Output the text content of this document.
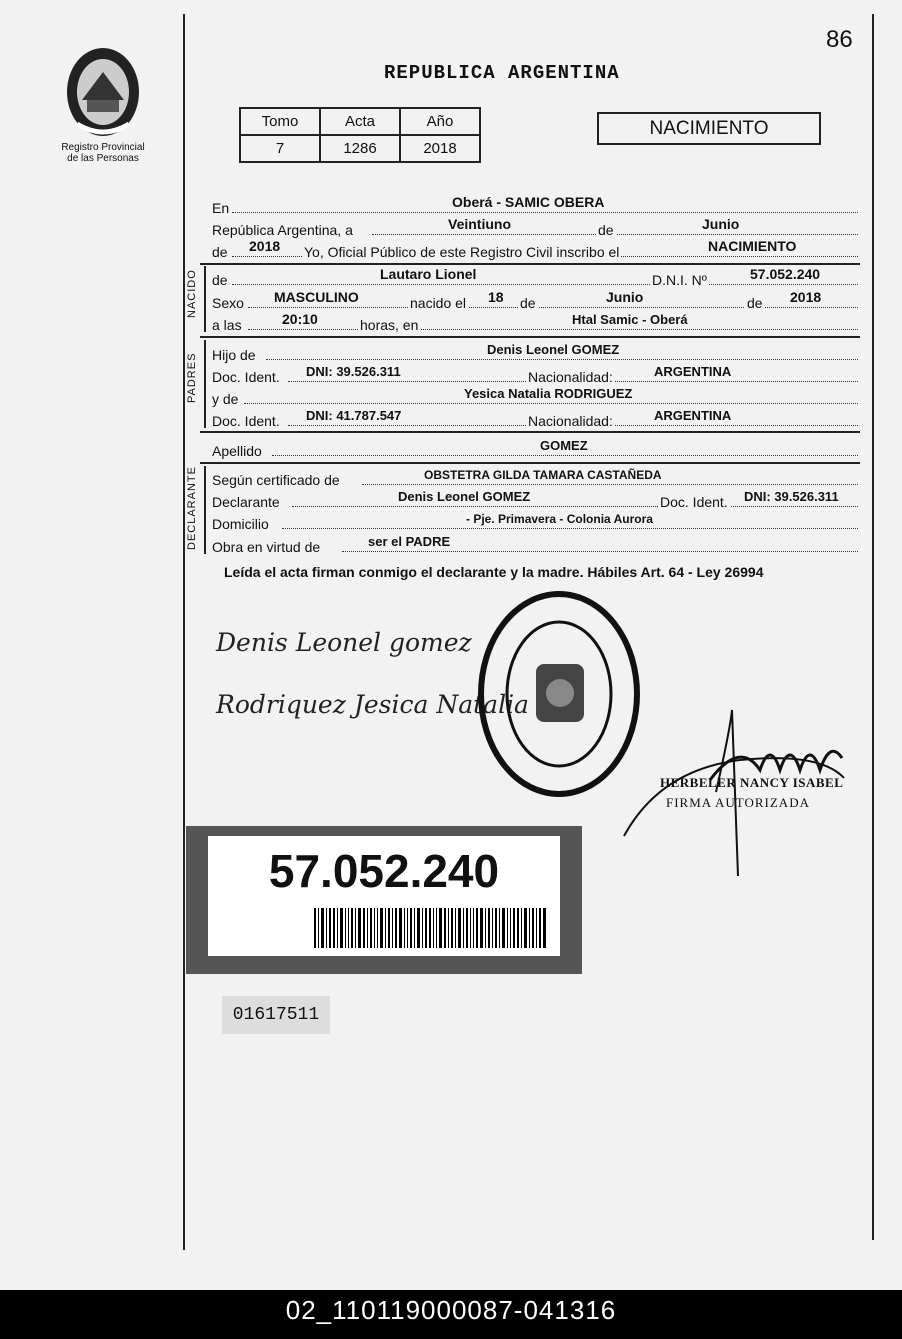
86
REPUBLICA ARGENTINA
Registro Provincial
de las Personas
Tomo	Acta	Año
7	1286	2018
NACIMIENTO
En	Oberá - SAMIC OBERA
República Argentina, a	Veintiuno	de	Junio
de 2018 Yo, Oficial Público de este Registro Civil inscribo el	NACIMIENTO
NACIDO de	Lautaro Lionel	D.N.I. Nº	57.052.240
Sexo MASCULINO	nacido el 18 de	Junio	de 2018
a las	20:10	horas, en	Htal Samic - Oberá
PADRES Hijo de	Denis Leonel GOMEZ
Doc. Ident. DNI: 39.526.311	Nacionalidad:	ARGENTINA
y de	Yesica Natalia RODRIGUEZ
Doc. Ident. DNI: 41.787.547	Nacionalidad:	ARGENTINA
Apellido	GOMEZ
DECLARANTE Según certificado de	OBSTETRA GILDA TAMARA CASTAÑEDA
Declarante	Denis Leonel GOMEZ	Doc. Ident. DNI: 39.526.311
Domicilio	- Pje. Primavera - Colonia Aurora
Obra en virtud de	ser el PADRE
Leída el acta firman conmigo el declarante y la madre. Hábiles Art. 64 - Ley 26994
Denis Leonel gomez
Rodriquez Jesica Natalia
HERBELER NANCY ISABEL
FIRMA AUTORIZADA
57.052.240
01617511
02_110119000087-041316
